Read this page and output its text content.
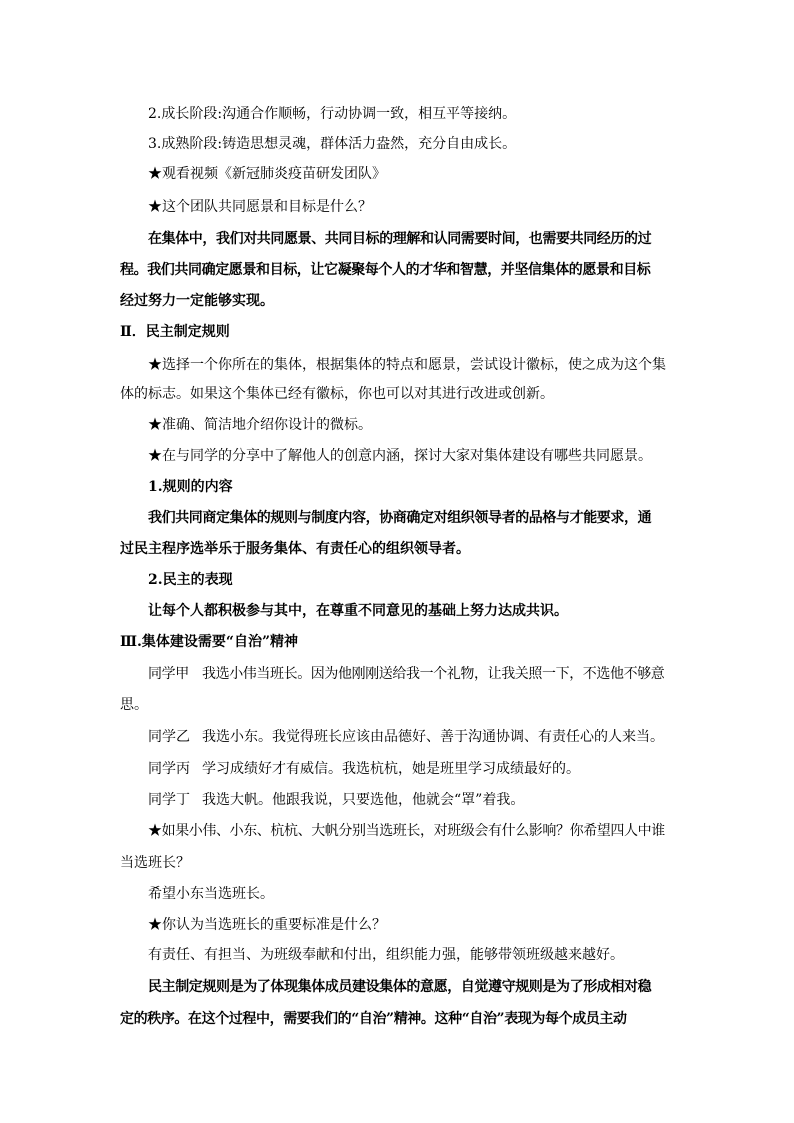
2.成长阶段:沟通合作顺畅，行动协调一致，相互平等接纳。
3.成熟阶段:铸造思想灵魂，群体活力盎然，充分自由成长。
★观看视频《新冠肺炎疫苗研发团队》
★这个团队共同愿景和目标是什么？
在集体中，我们对共同愿景、共同目标的理解和认同需要时间，也需要共同经历的过
程。我们共同确定愿景和目标，让它凝聚每个人的才华和智慧，并坚信集体的愿景和目标
经过努力一定能够实现。
Ⅱ．民主制定规则
★选择一个你所在的集体，根据集体的特点和愿景，尝试设计徽标，使之成为这个集
体的标志。如果这个集体已经有徽标，你也可以对其进行改进或创新。
★准确、简洁地介绍你设计的微标。
★在与同学的分享中了解他人的创意内涵，探讨大家对集体建设有哪些共同愿景。
1.规则的内容
我们共同商定集体的规则与制度内容，协商确定对组织领导者的品格与才能要求，通
过民主程序选举乐于服务集体、有责任心的组织领导者。
2.民主的表现
让每个人都积极参与其中，在尊重不同意见的基础上努力达成共识。
Ⅲ.集体建设需要“自治”精神
同学甲 我选小伟当班长。因为他刚刚送给我一个礼物，让我关照一下，不选他不够意
思。
同学乙 我选小东。我觉得班长应该由品德好、善于沟通协调、有责任心的人来当。
同学丙 学习成绩好才有威信。我选杭杭，她是班里学习成绩最好的。
同学丁 我选大帆。他跟我说，只要选他，他就会“罩”着我。
★如果小伟、小东、杭杭、大帆分别当选班长，对班级会有什么影响？你希望四人中谁
当选班长？
希望小东当选班长。
★你认为当选班长的重要标准是什么？
有责任、有担当、为班级奉献和付出，组织能力强，能够带领班级越来越好。
民主制定规则是为了体现集体成员建设集体的意愿，自觉遵守规则是为了形成相对稳
定的秩序。在这个过程中，需要我们的“自治”精神。这种“自治”表现为每个成员主动
